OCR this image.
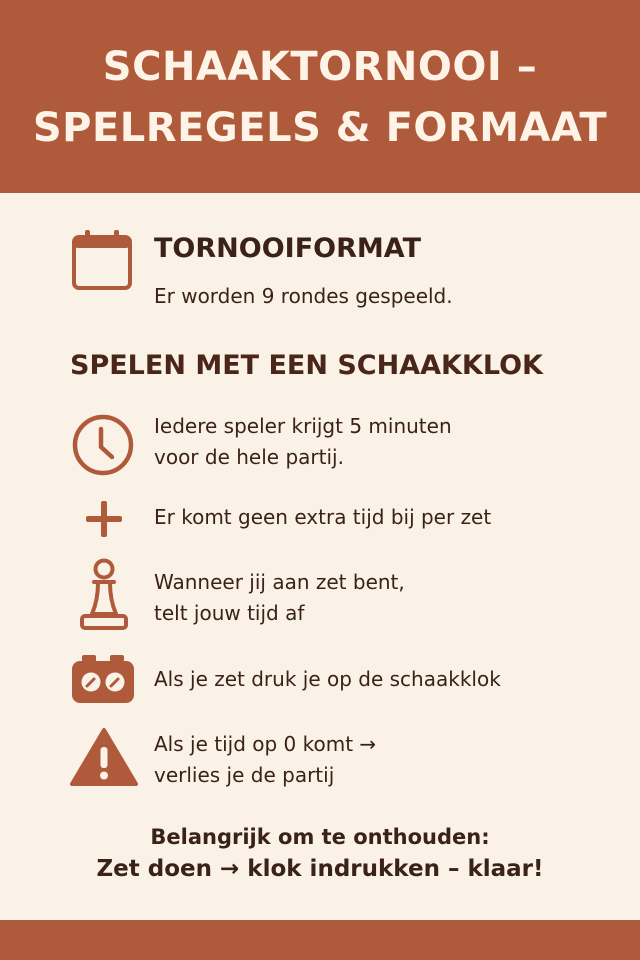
SCHAAKTORNOOI –
SPELREGELS & FORMAAT
TORNOOIFORMAT
Er worden 9 rondes gespeeld.
SPELEN MET EEN SCHAAKKLOK
Iedere speler krijgt 5 minuten
voor de hele partij.
Er komt geen extra tijd bij per zet
Wanneer jij aan zet bent,
telt jouw tijd af
Als je zet druk je op de schaakklok
Als je tijd op 0 komt →
verlies je de partij
Belangrijk om te onthouden:
Zet doen → klok indrukken – klaar!
